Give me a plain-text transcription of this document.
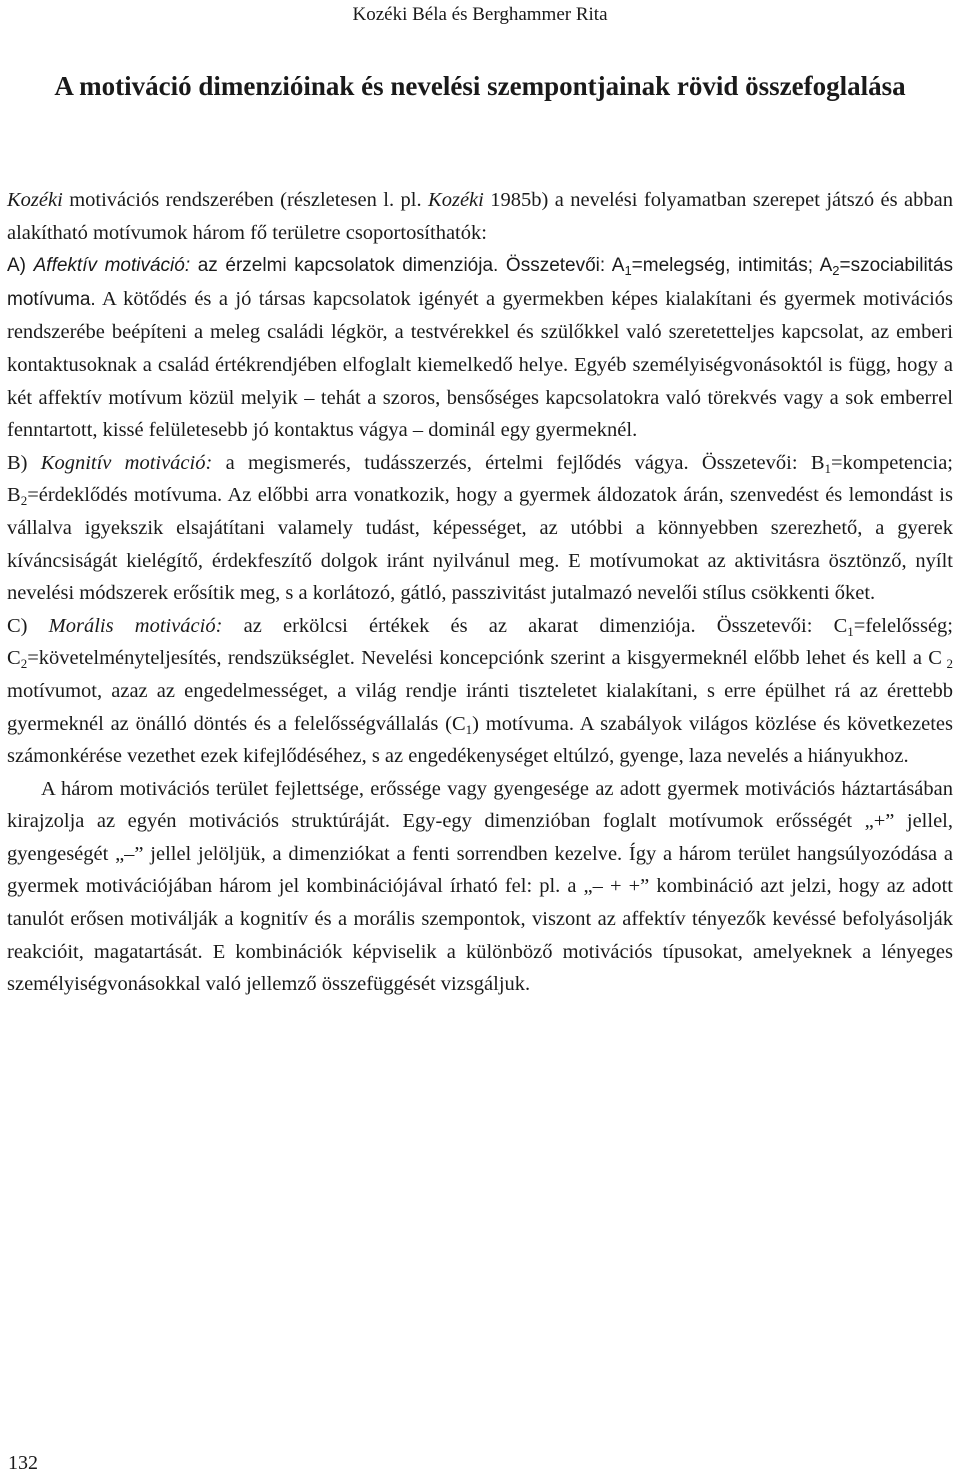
Kozéki Béla és Berghammer Rita
A motiváció dimenzióinak és nevelési szempontjainak rövid összefoglalása

Kozéki motivációs rendszerében (részletesen l. pl. Kozéki 1985b) a nevelési folyamatban szerepet játszó és abban alakítható motívumok három fő területre csoportosíthatók:

A) Affektív motiváció: az érzelmi kapcsolatok dimenziója. Összetevői: $A_1=melegség$, intimitás; $A_2=szociabilitás$ motívuma. A kötődés és a jó társas kapcsolatok igényét a gyermekben képes kialakítani és gyermek motivációs rendszerébe beépíteni a meleg családi légkör, a testvérekkel és szülőkkel való szeretetteljes kapcsolat, az emberi kontaktusoknak a család értékrendjében elfoglalt kiemelkedő helye. Egyéb személyiségvonásoktól is függ, hogy a két affektív motívum közül melyik – tehát a szoros, bensőséges kapcsolatokra való törekvés vagy a sok emberrel fenntartott, kissé felületesebb jó kontaktus vágya – dominál egy gyermeknél.

B) Kognitív motiváció: a megismerés, tudásszerzés, értelmi fejlődés vágya. Összetevői: $B_1=kompetencia$; $B_2=érdeklődés$ motívuma. Az előbbi arra vonatkozik, hogy a gyermek áldozatok árán, szenvedést és lemondást is vállalva igyekszik elsajátítani valamely tudást, képességet, az utóbbi a könnyebben szerezhető, a gyerek kíváncsiságát kielégítő, érdekfeszítő dolgok iránt nyilvánul meg. E motívumokat az aktivitásra ösztönző, nyílt nevelési módszerek erősítik meg, s a korlátozó, gátló, passzivitást jutalmazó nevelői stílus csökkenti őket.

C) Morális motiváció: az erkölcsi értékek és az akarat dimenziója. Összetevői: $C_1=felelősség$; $C_2=követelményteljesítés$, rendszükséglet. Nevelési koncepciónk szerint a kisgyermeknél előbb lehet és kell a C $_2$ motívumot, azaz az engedelmességet, a világ rendje iránti tiszteletet kialakítani, s erre épülhet rá az érettebb gyermeknél az önálló döntés és a felelősségvállalás $(C_1)$ motívuma. A szabályok világos közlése és következetes számonkérése vezethet ezek kifejlődéséhez, s az engedékenységet eltúlzó, gyenge, laza nevelés a hiányukhoz.

A három motivációs terület fejlettsége, erőssége vagy gyengesége az adott gyermek motivációs háztartásában kirajzolja az egyén motivációs struktúráját. Egy-egy dimenzióban foglalt motívumok erősségét „+” jellel, gyengeségét „–” jellel jelöljük, a dimenziókat a fenti sorrendben kezelve. Így a három terület hangsúlyozódása a gyermek motivációjában három jel kombinációjával írható fel: pl. a „– + +” kombináció azt jelzi, hogy az adott tanulót erősen motiválják a kognitív és a morális szempontok, viszont az affektív tényezők kevéssé befolyásolják reakcióit, magatartását. E kombinációk képviselik a különböző motivációs típusokat, amelyeknek a lényeges személyiségvonásokkal való jellemző összefüggését vizsgáljuk.

132
